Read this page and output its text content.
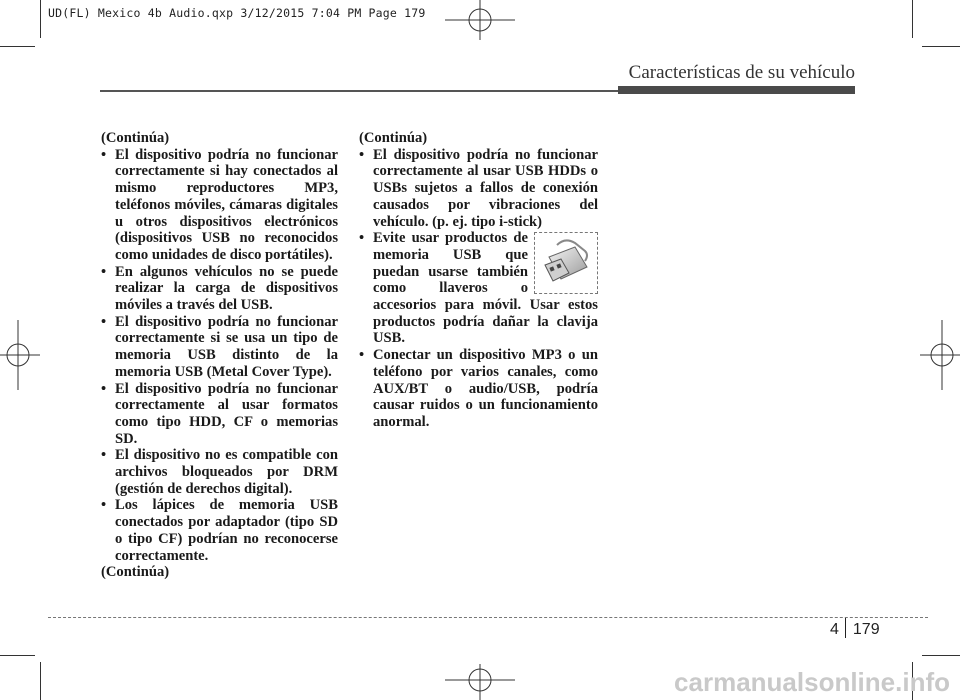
UD(FL) Mexico 4b Audio.qxp 3/12/2015 7:04 PM Page 179
Características de su vehículo

(Continúa)

• El dispositivo podría no funcionar correctamente si hay conectados al mismo reproductores MP3, teléfonos móviles, cámaras digitales u otros dispositivos electrónicos (dispositivos USB no reconocidos como unidades de disco portátiles).
• En algunos vehículos no se puede realizar la carga de dispositivos móviles a través del USB.
• El dispositivo podría no funcionar correctamente si se usa un tipo de memoria USB distinto de la memoria USB (Metal Cover Type).
• El dispositivo podría no funcionar correctamente al usar formatos como tipo HDD, CF o memorias SD.
• El dispositivo no es compatible con archivos bloqueados por DRM (gestión de derechos digital).
• Los lápices de memoria USB conectados por adaptador (tipo SD o tipo CF) podrían no reconocerse correctamente.

(Continúa)

(Continúa)

• El dispositivo podría no funcionar correctamente al usar USB HDDs o USBs sujetos a fallos de conexión causados por vibraciones del vehículo. (p. ej. tipo i-stick)
• Evite usar productos de memoria USB que puedan usarse también como llaveros o accesorios para móvil. Usar estos productos podría dañar la clavija USB.
• Conectar un dispositivo MP3 o un teléfono por varios canales, como AUX/BT o audio/USB, podría causar ruidos o un funcionamiento anormal.
4 179
carmanualsonline.info
